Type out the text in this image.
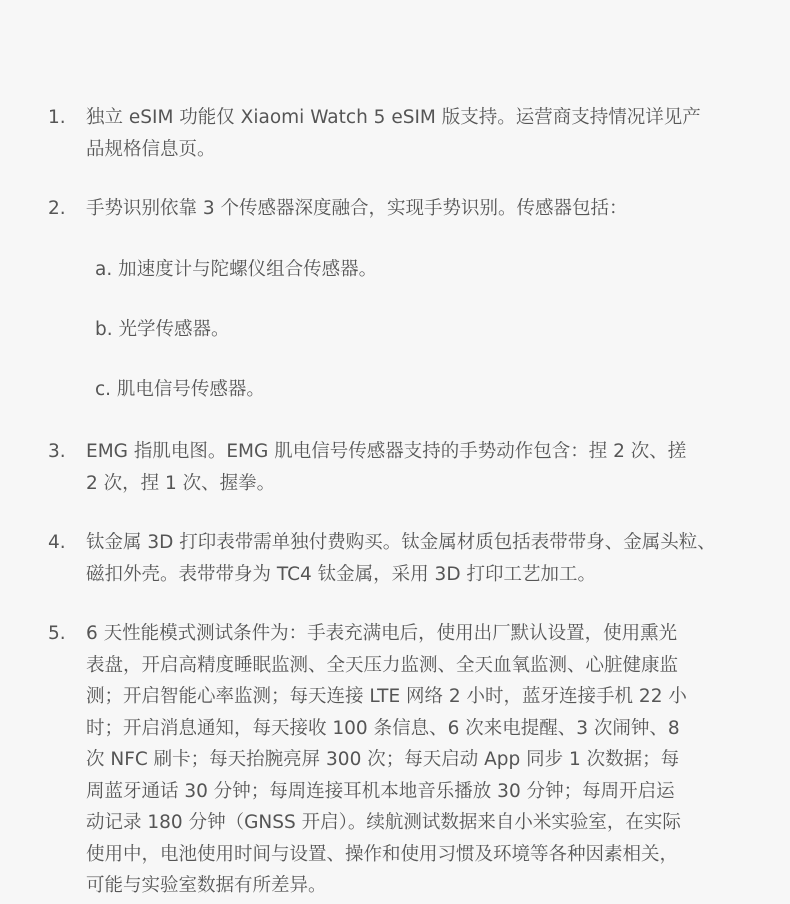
1. 独立 eSIM 功能仅 Xiaomi Watch 5 eSIM 版支持。运营商支持情况详见产
品规格信息页。
2. 手势识别依靠 3 个传感器深度融合，实现手势识别。传感器包括：
a. 加速度计与陀螺仪组合传感器。
b. 光学传感器。
c. 肌电信号传感器。
3. EMG 指肌电图。EMG 肌电信号传感器支持的手势动作包含：捏 2 次、搓
2 次，捏 1 次、握拳。
4. 钛金属 3D 打印表带需单独付费购买。钛金属材质包括表带带身、金属头粒、
磁扣外壳。表带带身为 TC4 钛金属，采用 3D 打印工艺加工。
5. 6 天性能模式测试条件为：手表充满电后，使用出厂默认设置，使用熏光
表盘，开启高精度睡眠监测、全天压力监测、全天血氧监测、心脏健康监
测；开启智能心率监测；每天连接 LTE 网络 2 小时，蓝牙连接手机 22 小
时；开启消息通知，每天接收 100 条信息、6 次来电提醒、3 次闹钟、8
次 NFC 刷卡；每天抬腕亮屏 300 次；每天启动 App 同步 1 次数据；每
周蓝牙通话 30 分钟；每周连接耳机本地音乐播放 30 分钟；每周开启运
动记录 180 分钟（GNSS 开启）。续航测试数据来自小米实验室，在实际
使用中，电池使用时间与设置、操作和使用习惯及环境等各种因素相关，
可能与实验室数据有所差异。
